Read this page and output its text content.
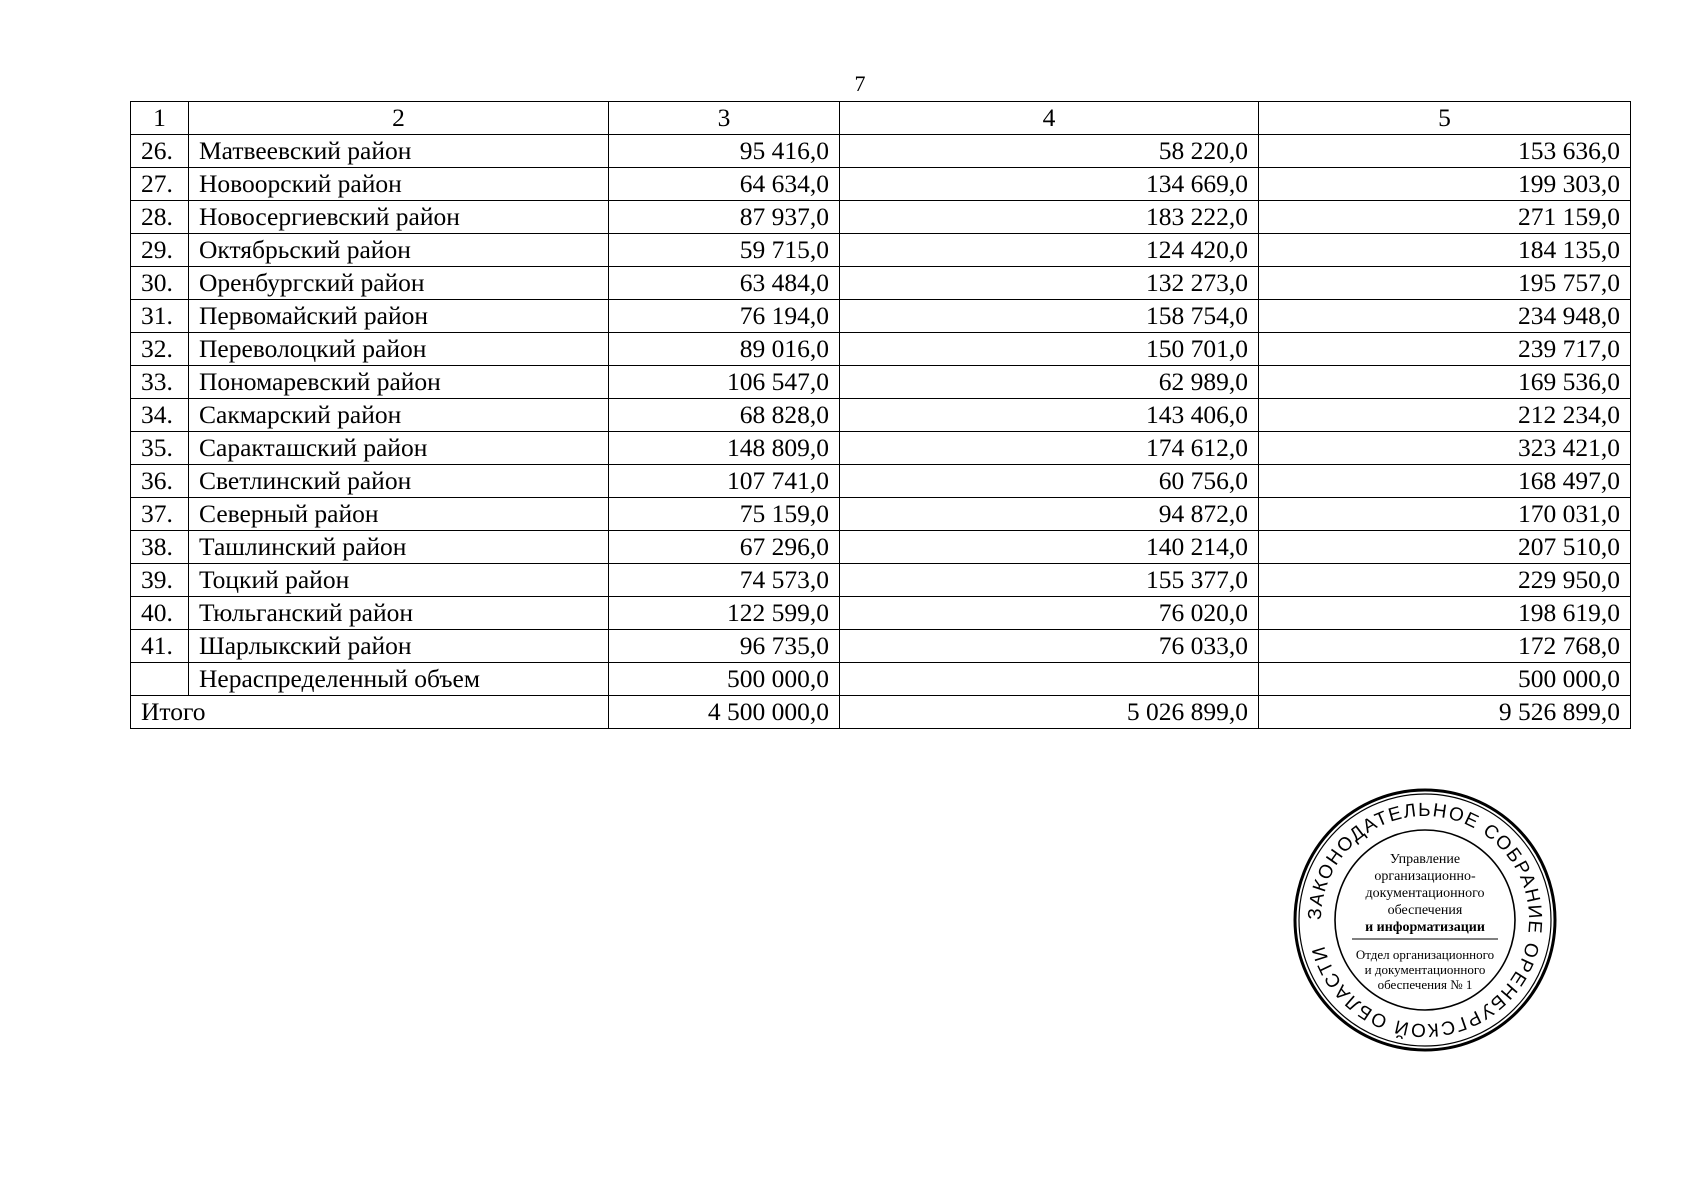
7
1	2	3	4	5
26.	Матвеевский район	95 416,0	58 220,0	153 636,0
27.	Новоорский район	64 634,0	134 669,0	199 303,0
28.	Новосергиевский район	87 937,0	183 222,0	271 159,0
29.	Октябрьский район	59 715,0	124 420,0	184 135,0
30.	Оренбургский район	63 484,0	132 273,0	195 757,0
31.	Первомайский район	76 194,0	158 754,0	234 948,0
32.	Переволоцкий район	89 016,0	150 701,0	239 717,0
33.	Пономаревский район	106 547,0	62 989,0	169 536,0
34.	Сакмарский район	68 828,0	143 406,0	212 234,0
35.	Саракташский район	148 809,0	174 612,0	323 421,0
36.	Светлинский район	107 741,0	60 756,0	168 497,0
37.	Северный район	75 159,0	94 872,0	170 031,0
38.	Ташлинский район	67 296,0	140 214,0	207 510,0
39.	Тоцкий район	74 573,0	155 377,0	229 950,0
40.	Тюльганский район	122 599,0	76 020,0	198 619,0
41.	Шарлыкский район	96 735,0	76 033,0	172 768,0
	Нераспределенный объем	500 000,0		500 000,0
Итого		4 500 000,0	5 026 899,0	9 526 899,0
ЗАКОНОДАТЕЛЬНОЕ СОБРАНИЕ ОРЕНБУРГСКОЙ ОБЛАСТИ
Управление
организационно-
документационного
обеспечения
и информатизации
Отдел организационного
и документационного
обеспечения № 1
